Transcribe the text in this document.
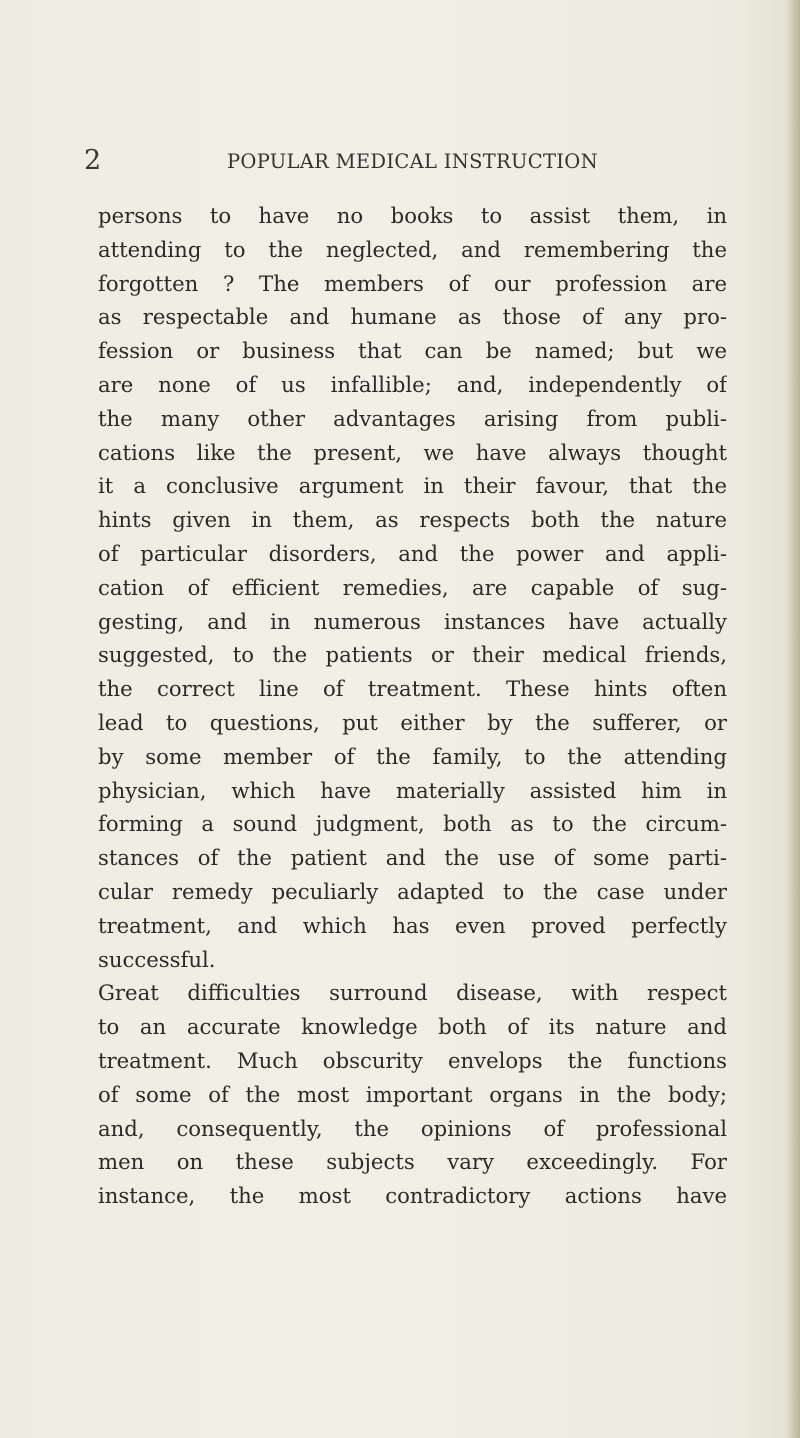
2	POPULAR MEDICAL INSTRUCTION
persons to have no books to assist them, in
attending to the neglected, and remembering the
forgotten ? The members of our profession are
as respectable and humane as those of any pro-
fession or business that can be named; but we
are none of us infallible; and, independently of
the many other advantages arising from publi-
cations like the present, we have always thought
it a conclusive argument in their favour, that the
hints given in them, as respects both the nature
of particular disorders, and the power and appli-
cation of efficient remedies, are capable of sug-
gesting, and in numerous instances have actually
suggested, to the patients or their medical friends,
the correct line of treatment. These hints often
lead to questions, put either by the sufferer, or
by some member of the family, to the attending
physician, which have materially assisted him in
forming a sound judgment, both as to the circum-
stances of the patient and the use of some parti-
cular remedy peculiarly adapted to the case under
treatment, and which has even proved perfectly
successful.
Great difficulties surround disease, with respect
to an accurate knowledge both of its nature and
treatment. Much obscurity envelops the functions
of some of the most important organs in the body;
and, consequently, the opinions of professional
men on these subjects vary exceedingly. For
instance, the most contradictory actions have
